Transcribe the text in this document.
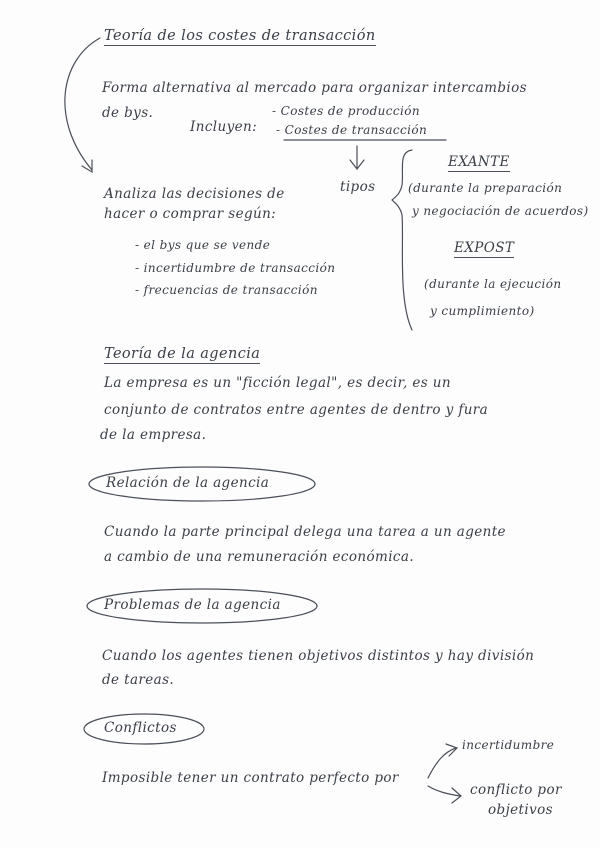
Teoría de los costes de transacción
Forma alternativa al mercado para organizar intercambios
de bys.
Incluyen:
- Costes de producción
- Costes de transacción
Analiza las decisiones de
hacer o comprar según:
- el bys que se vende
- incertidumbre de transacción
- frecuencias de transacción
tipos
EXANTE
(durante la preparación
y negociación de acuerdos)
EXPOST
(durante la ejecución
y cumplimiento)
Teoría de la agencia
La empresa es un "ficción legal", es decir, es un
conjunto de contratos entre agentes de dentro y fura
de la empresa.
Relación de la agencia
Cuando la parte principal delega una tarea a un agente
a cambio de una remuneración económica.
Problemas de la agencia
Cuando los agentes tienen objetivos distintos y hay división
de tareas.
Conflictos
Imposible tener un contrato perfecto por
incertidumbre
conflicto por
objetivos
